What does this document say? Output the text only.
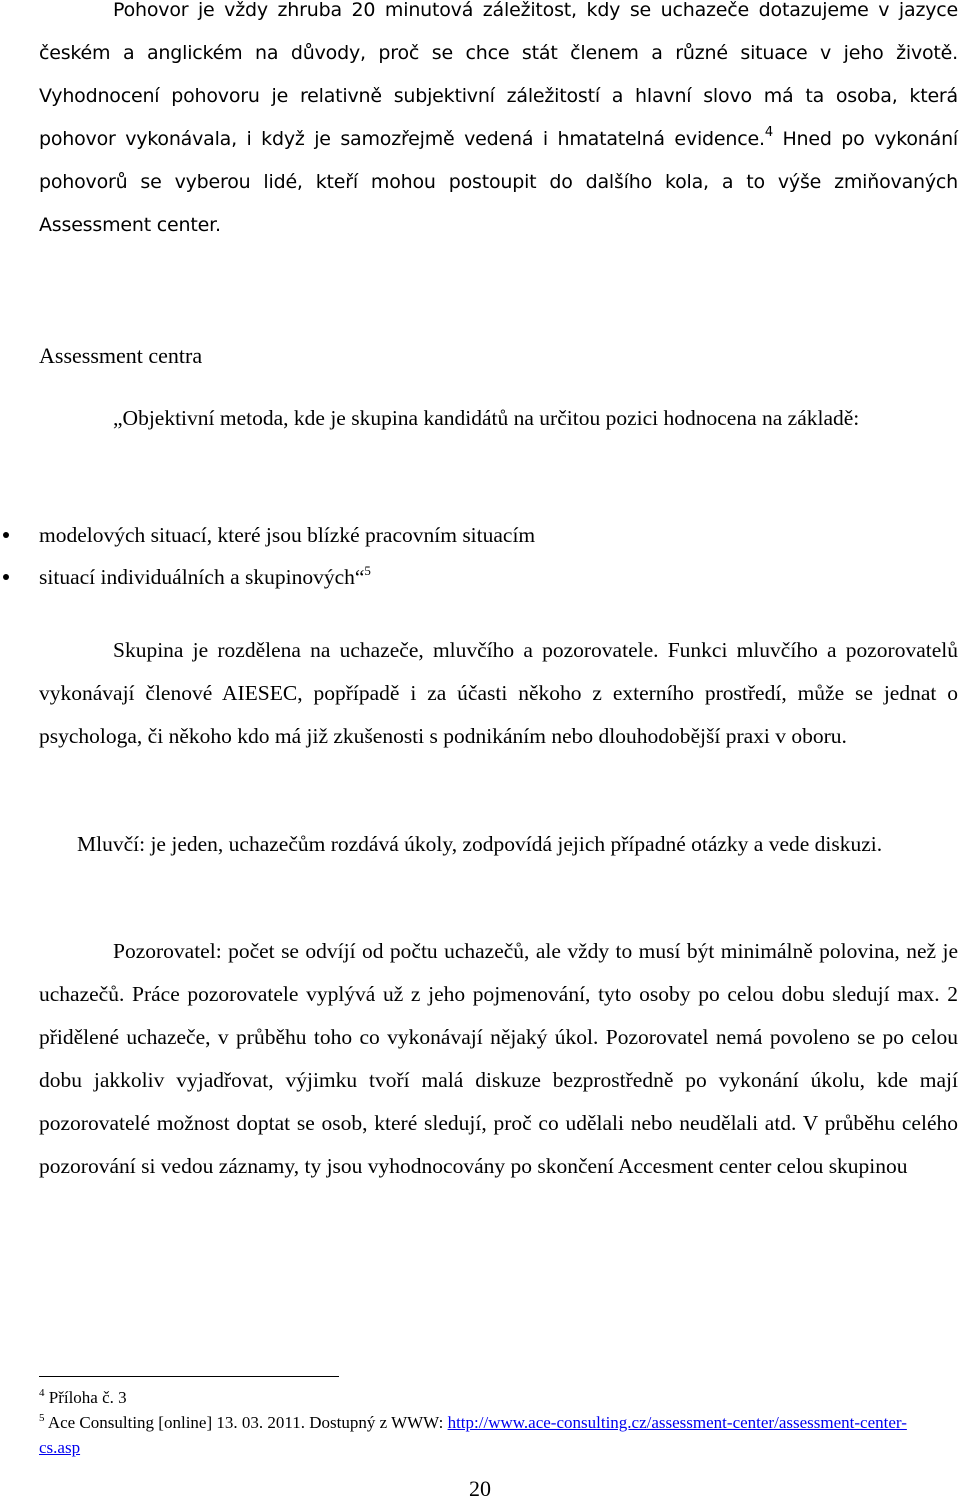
Pohovor je vždy zhruba 20 minutová záležitost, kdy se uchazeče dotazujeme v jazyce českém a anglickém na důvody, proč se chce stát členem a různé situace v jeho životě. Vyhodnocení pohovoru je relativně subjektivní záležitostí a hlavní slovo má ta osoba, která pohovor vykonávala, i když je samozřejmě vedená i hmatatelná evidence.$^4$ Hned po vykonání pohovorů se vyberou lidé, kteří mohou postoupit do dalšího kola, a to výše zmiňovaných Assessment center.

Assessment centra

„Objektivní metoda, kde je skupina kandidátů na určitou pozici hodnocena na základě:

modelových situací, které jsou blízké pracovním situacím
situací individuálních a skupinových“$^5$

Skupina je rozdělena na uchazeče, mluvčího a pozorovatele. Funkci mluvčího a pozorovatelů vykonávají členové AIESEC, popřípadě i za účasti někoho z externího prostředí, může se jednat o psychologa, či někoho kdo má již zkušenosti s podnikáním nebo dlouhodobější praxi v oboru.

Mluvčí: je jeden, uchazečům rozdává úkoly, zodpovídá jejich případné otázky a vede diskuzi.

Pozorovatel: počet se odvíjí od počtu uchazečů, ale vždy to musí být minimálně polovina, než je uchazečů. Práce pozorovatele vyplývá už z jeho pojmenování, tyto osoby po celou dobu sledují max. 2 přidělené uchazeče, v průběhu toho co vykonávají nějaký úkol. Pozorovatel nemá povoleno se po celou dobu jakkoliv vyjadřovat, výjimku tvoří malá diskuze bezprostředně po vykonání úkolu, kde mají pozorovatelé možnost doptat se osob, které sledují, proč co udělali nebo neudělali atd. V průběhu celého pozorování si vedou záznamy, ty jsou vyhodnocovány po skončení Accesment center celou skupinou

$^4$ Příloha č. 3
$^5$ Ace Consulting [online] 13. 03. 2011. Dostupný z WWW: http://www.ace-consulting.cz/assessment-center/assessment-center-cs.asp
20
